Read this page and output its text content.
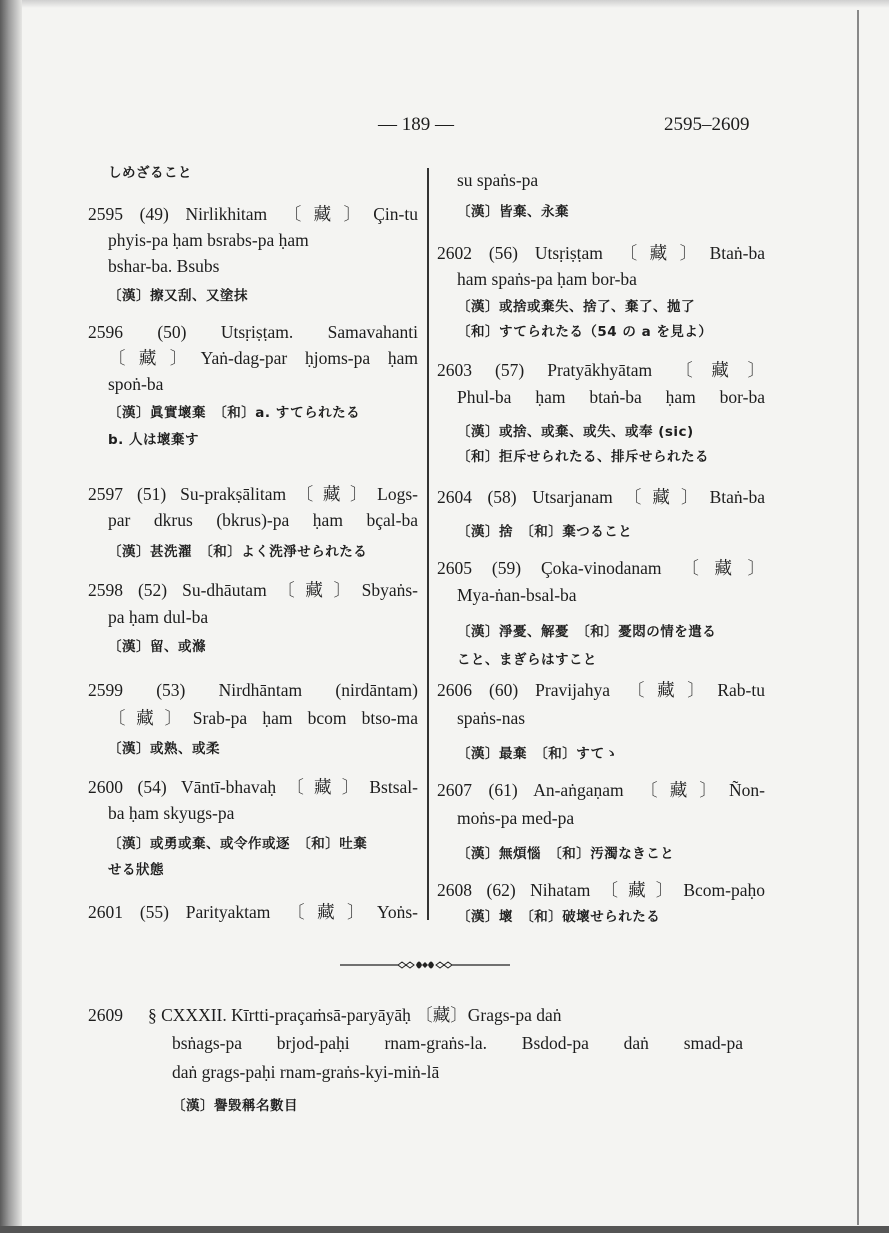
— 189 —	2595–2609
しめざること
2595 (49) Nirlikhitam 〔藏〕Çin-tu
phyis-pa ḥam bsrabs-pa ḥam
bshar-ba. Bsubs
〔漢〕擦又刮、又塗抹
2596 (50) Utsṛiṣṭam. Samavahanti
〔藏〕Yaṅ-dag-par ḥjoms-pa ḥam
spoṅ-ba
〔漢〕眞實壞棄　〔和〕a. すてられたる
b. 人は壞棄す
2597 (51) Su-prakṣālitam〔藏〕Logs-
par dkrus (bkrus)-pa ḥam bçal-ba
〔漢〕甚洗濯　〔和〕よく洗淨せられたる
2598 (52) Su-dhāutam〔藏〕Sbyaṅs-
pa ḥam dul-ba
〔漢〕留、或滌
2599 (53) Nirdhāntam (nirdāntam)
〔藏〕Srab-pa ḥam bcom btso-ma
〔漢〕或熟、或柔
2600 (54) Vāntī-bhavaḥ〔藏〕Bstsal-
ba ḥam skyugs-pa
〔漢〕或勇或棄、或令作或逐　〔和〕吐棄
せる狀態
2601 (55) Parityaktam 〔藏〕Yoṅs-
su spaṅs-pa
〔漢〕皆棄、永棄
2602 (56) Utsṛiṣṭam 〔藏〕Btaṅ-ba
ham spaṅs-pa ḥam bor-ba
〔漢〕或捨或棄失、捨了、棄了、拋了
〔和〕すてられたる（54 の a を見よ）
2603 (57) Pratyākhyātam 〔藏〕
Phul-ba ḥam btaṅ-ba ḥam bor-ba
〔漢〕或捨、或棄、或失、或奉 (sic)
〔和〕拒斥せられたる、排斥せられたる
2604 (58) Utsarjanam〔藏〕Btaṅ-ba
〔漢〕捨　〔和〕棄つること
2605 (59) Çoka-vinodanam 〔藏〕
Mya-ṅan-bsal-ba
〔漢〕淨憂、解憂　〔和〕憂悶の情を遣る
こと、まぎらはすこと
2606 (60) Pravijahya 〔藏〕Rab-tu
spaṅs-nas
〔漢〕最棄　〔和〕すてゝ
2607 (61) An-aṅgaṇam 〔藏〕Ñon-
moṅs-pa med-pa
〔漢〕無煩惱　〔和〕汚濁なきこと
2608 (62) Nihatam〔藏〕Bcom-paḥo
〔漢〕壞　〔和〕破壞せられたる
2609 § CXXXII. Kīrtti-praçaṁsā-paryāyāḥ 〔藏〕Grags-pa daṅ
bsṅags-pa brjod-paḥi rnam-graṅs-la. Bsdod-pa daṅ smad-pa
daṅ grags-paḥi rnam-graṅs-kyi-miṅ-lā
〔漢〕譽毀稱名數目
